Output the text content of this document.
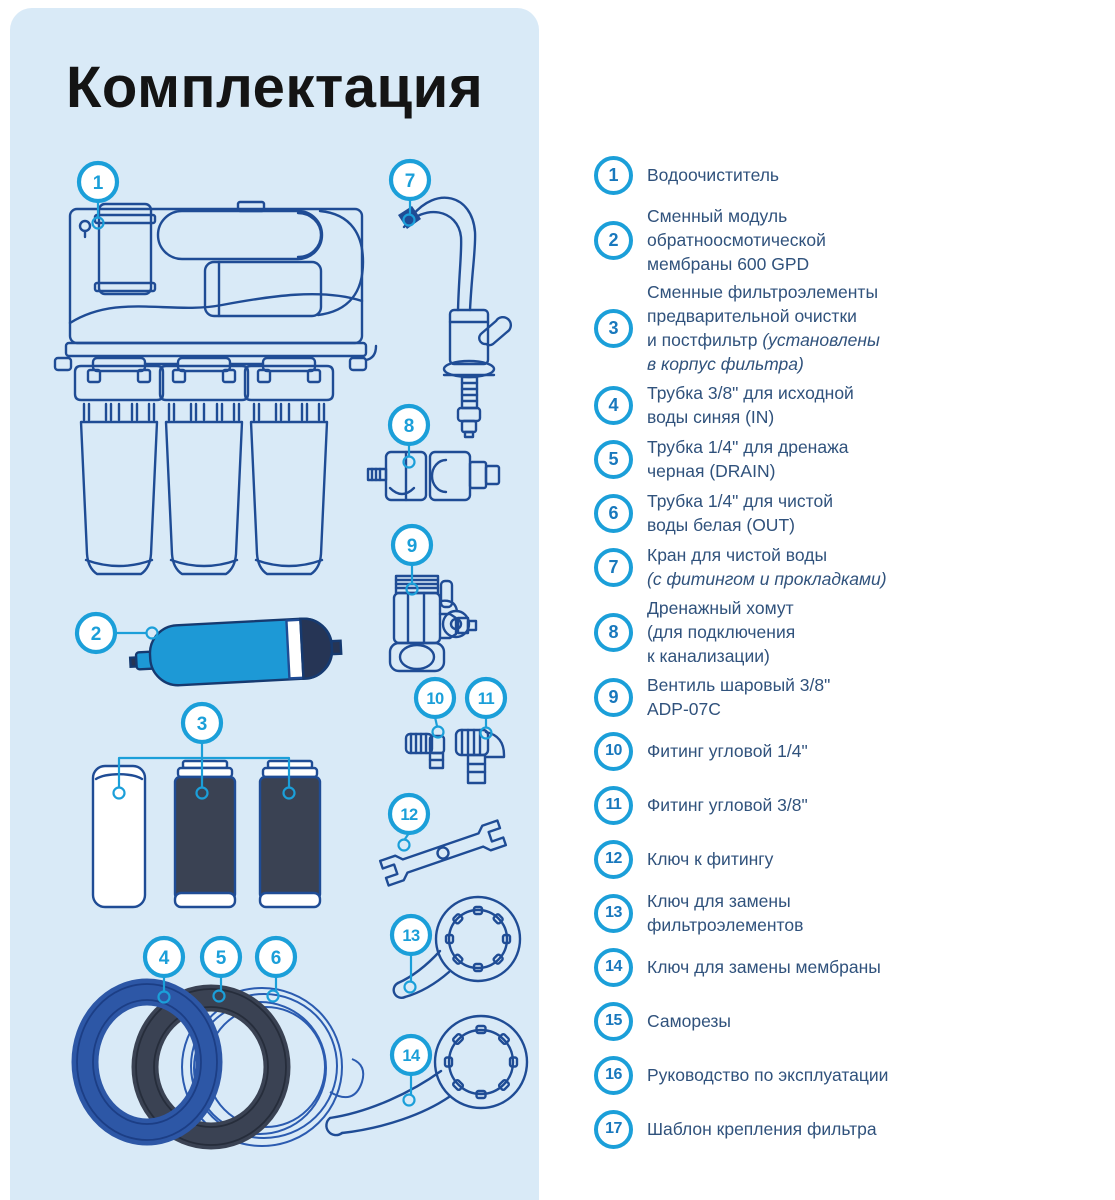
Комплектация
1
2
3
4 5 6
7
8
9
10 11
12
13
14
1	Водоочиститель
2
Сменный модуль
обратноосмотической
мембраны 600 GPD
3
Сменные фильтроэлементы
предварительной очистки
и постфильтр (установлены
в корпус фильтра)
4
Трубка 3/8" для исходной
воды синяя (IN)
5
Трубка 1/4" для дренажа
черная (DRAIN)
6
Трубка 1/4" для чистой
воды белая (OUT)
7
Кран для чистой воды
(с фитингом и прокладками)
8
Дренажный хомут
(для подключения
к канализации)
9
Вентиль шаровый 3/8"
ADP-07C
10	Фитинг угловой 1/4"
11	Фитинг угловой 3/8"
12	Ключ к фитингу
13
Ключ для замены
фильтроэлементов
14	Ключ для замены мембраны
15	Саморезы
16	Руководство по эксплуатации
17	Шаблон крепления фильтра
